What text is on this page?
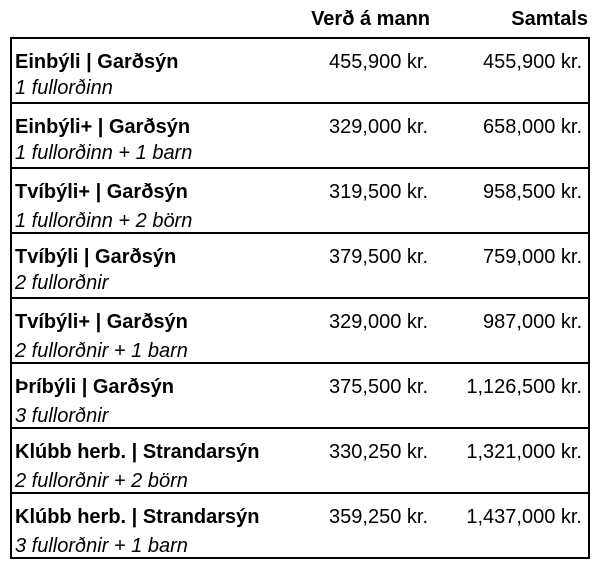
Verð á mann	Samtals
Einbýli | Garðsýn
1 fullorðinn
455,900 kr.	455,900 kr.
Einbýli+ | Garðsýn
1 fullorðinn + 1 barn
329,000 kr.	658,000 kr.
Tvíbýli+ | Garðsýn
1 fullorðinn + 2 börn
319,500 kr.	958,500 kr.
Tvíbýli | Garðsýn
2 fullorðnir
379,500 kr.	759,000 kr.
Tvíbýli+ | Garðsýn
2 fullorðnir + 1 barn
329,000 kr.	987,000 kr.
Þríbýli | Garðsýn
3 fullorðnir
375,500 kr. 1,126,500 kr.
Klúbb herb. | Strandarsýn
2 fullorðnir + 2 börn
330,250 kr. 1,321,000 kr.
Klúbb herb. | Strandarsýn
3 fullorðnir + 1 barn
359,250 kr. 1,437,000 kr.
